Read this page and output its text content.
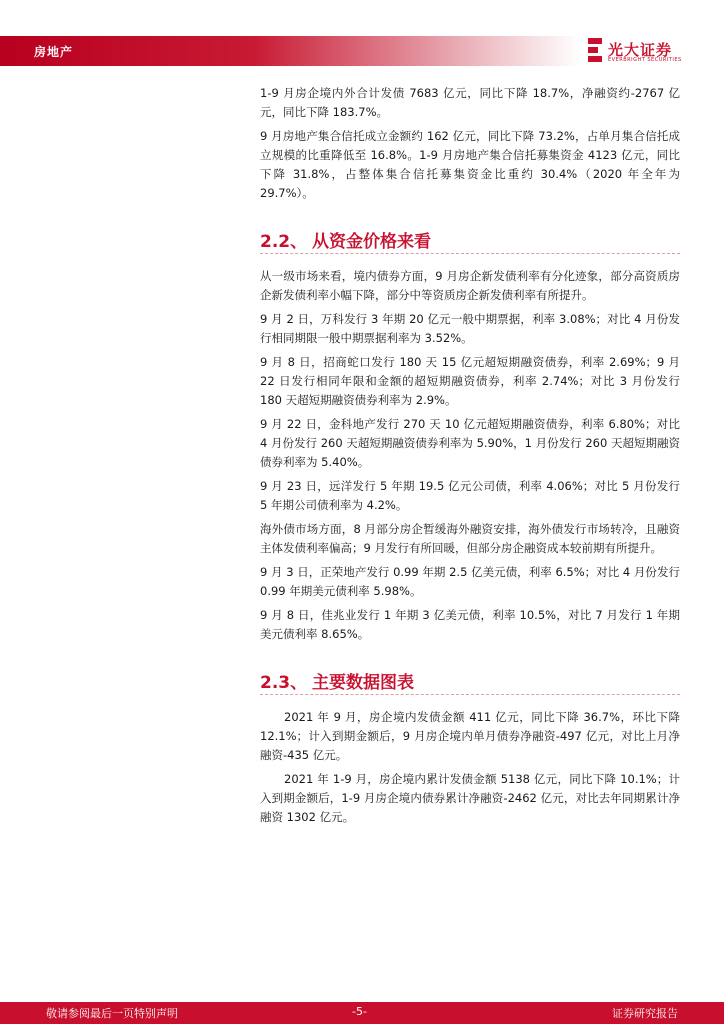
房地产	光大证券
EVERBRIGHT SECURITIES

1-9 月房企境内外合计发债 7683 亿元，同比下降 18.7%，净融资约-2767 亿元，同比下降 183.7%。

9 月房地产集合信托成立金额约 162 亿元，同比下降 73.2%，占单月集合信托成立规模的比重降低至 16.8%。1-9 月房地产集合信托募集资金 4123 亿元，同比下降 31.8%，占整体集合信托募集资金比重约 30.4%（2020 年全年为 29.7%）。

2.2、 从资金价格来看

从一级市场来看，境内债券方面，9 月房企新发债利率有分化迹象，部分高资质房企新发债利率小幅下降，部分中等资质房企新发债利率有所提升。

9 月 2 日，万科发行 3 年期 20 亿元一般中期票据，利率 3.08%；对比 4 月份发行相同期限一般中期票据利率为 3.52%。

9 月 8 日，招商蛇口发行 180 天 15 亿元超短期融资债券，利率 2.69%；9 月 22 日发行相同年限和金额的超短期融资债券，利率 2.74%；对比 3 月份发行 180 天超短期融资债券利率为 2.9%。

9 月 22 日，金科地产发行 270 天 10 亿元超短期融资债券，利率 6.80%；对比 4 月份发行 260 天超短期融资债券利率为 5.90%，1 月份发行 260 天超短期融资债券利率为 5.40%。

9 月 23 日，远洋发行 5 年期 19.5 亿元公司债，利率 4.06%；对比 5 月份发行 5 年期公司债利率为 4.2%。

海外债市场方面，8 月部分房企暂缓海外融资安排，海外债发行市场转冷，且融资主体发债利率偏高；9 月发行有所回暖，但部分房企融资成本较前期有所提升。

9 月 3 日，正荣地产发行 0.99 年期 2.5 亿美元债，利率 6.5%；对比 4 月份发行 0.99 年期美元债利率 5.98%。

9 月 8 日，佳兆业发行 1 年期 3 亿美元债，利率 10.5%，对比 7 月发行 1 年期美元债利率 8.65%。

2.3、 主要数据图表

2021 年 9 月，房企境内发债金额 411 亿元，同比下降 36.7%，环比下降 12.1%；计入到期金额后，9 月房企境内单月债券净融资-497 亿元，对比上月净融资-435 亿元。

2021 年 1-9 月，房企境内累计发债金额 5138 亿元，同比下降 10.1%；计入到期金额后，1-9 月房企境内债券累计净融资-2462 亿元，对比去年同期累计净融资 1302 亿元。

敬请参阅最后一页特别声明	-5-	证券研究报告
